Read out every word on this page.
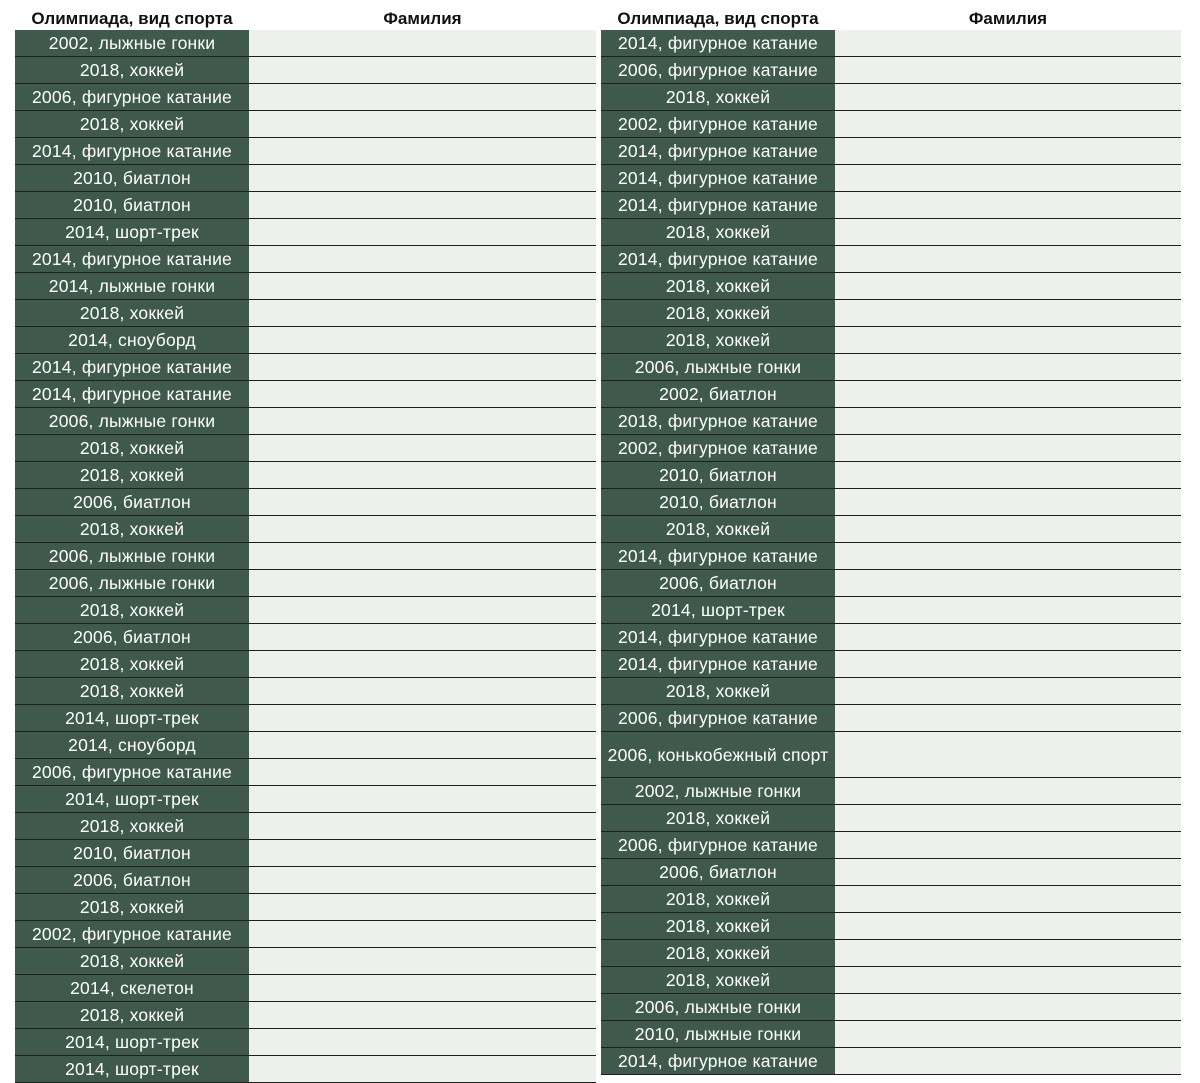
Олимпиада, вид спорта	Фамилия
2002, лыжные гонки
2018, хоккей
2006, фигурное катание
2018, хоккей
2014, фигурное катание
2010, биатлон
2010, биатлон
2014, шорт-трек
2014, фигурное катание
2014, лыжные гонки
2018, хоккей
2014, сноуборд
2014, фигурное катание
2014, фигурное катание
2006, лыжные гонки
2018, хоккей
2018, хоккей
2006, биатлон
2018, хоккей
2006, лыжные гонки
2006, лыжные гонки
2018, хоккей
2006, биатлон
2018, хоккей
2018, хоккей
2014, шорт-трек
2014, сноуборд
2006, фигурное катание
2014, шорт-трек
2018, хоккей
2010, биатлон
2006, биатлон
2018, хоккей
2002, фигурное катание
2018, хоккей
2014, скелетон
2018, хоккей
2014, шорт-трек
2014, шорт-трек
Олимпиада, вид спорта	Фамилия
2014, фигурное катание
2006, фигурное катание
2018, хоккей
2002, фигурное катание
2014, фигурное катание
2014, фигурное катание
2014, фигурное катание
2018, хоккей
2014, фигурное катание
2018, хоккей
2018, хоккей
2018, хоккей
2006, лыжные гонки
2002, биатлон
2018, фигурное катание
2002, фигурное катание
2010, биатлон
2010, биатлон
2018, хоккей
2014, фигурное катание
2006, биатлон
2014, шорт-трек
2014, фигурное катание
2014, фигурное катание
2018, хоккей
2006, фигурное катание
2006, конькобежный спорт
2002, лыжные гонки
2018, хоккей
2006, фигурное катание
2006, биатлон
2018, хоккей
2018, хоккей
2018, хоккей
2018, хоккей
2006, лыжные гонки
2010, лыжные гонки
2014, фигурное катание
